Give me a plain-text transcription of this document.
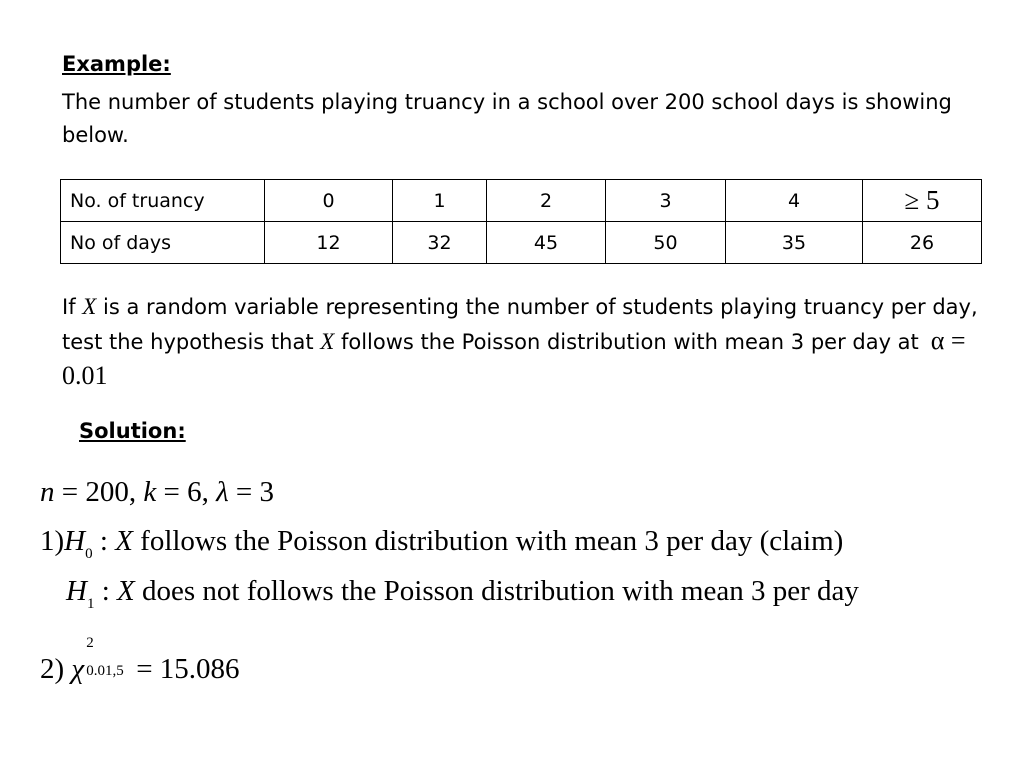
Example:
The number of students playing truancy in a school over 200 school days is showing below.
No. of truancy	0	1	2	3	4	≥ 5
No of days	12	32	45	50	35	26
If X is a random variable representing the number of students playing truancy per day, test the hypothesis that X follows the Poisson distribution with mean 3 per day at α = 0.01
Solution:
n = 200, k = 6, λ = 3
$1)H_0$ : X follows the Poisson distribution with mean 3 per day (claim)
$H_1$ : X does not follows the Poisson distribution with mean 3 per day
2) χ
2
0.01,5 = 15.086
